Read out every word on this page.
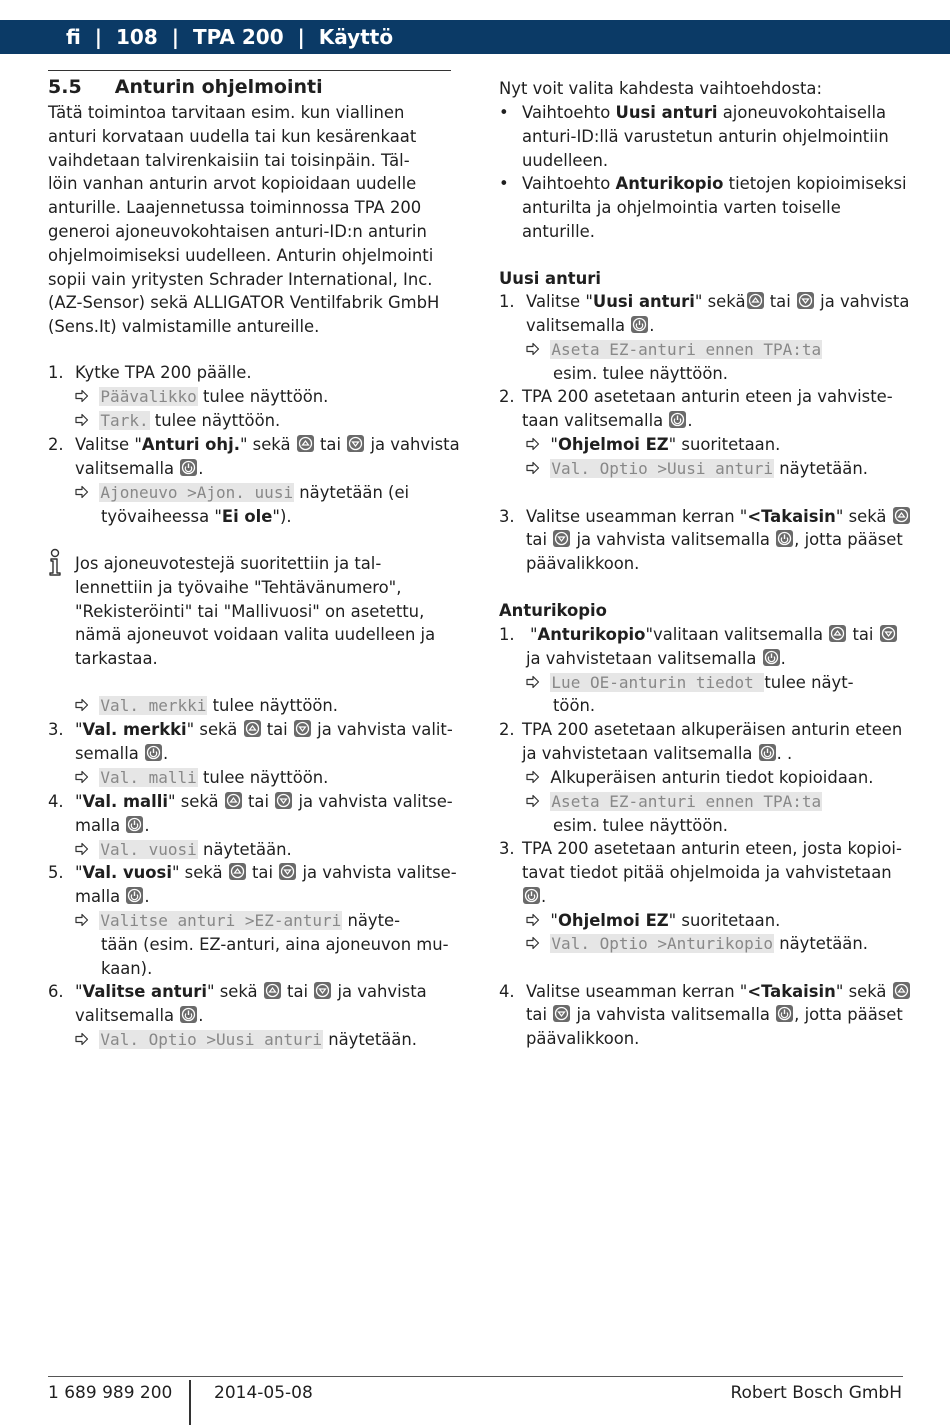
fi | 108 | TPA 200 | Käyttö
5.5 Anturin ohjelmointi
Tätä toimintoa tarvitaan esim. kun viallinen
anturi korvataan uudella tai kun kesärenkaat
vaihdetaan talvirenkaisiin tai toisinpäin. Täl-
löin vanhan anturin arvot kopioidaan uudelle
anturille. Laajennetussa toiminnossa TPA 200
generoi ajoneuvokohtaisen anturi-ID:n anturin
ohjelmoimiseksi uudelleen. Anturin ohjelmointi
sopii vain yritysten Schrader International, Inc.
(AZ-Sensor) sekä ALLIGATOR Ventilfabrik GmbH
(Sens.It) valmistamille antureille.
1. Kytke TPA 200 päälle.
Päävalikko tulee näyttöön.
Tark. tulee näyttöön.
2. Valitse "Anturi ohj." sekä
tai
ja vahvista
valitsemalla
.
Ajoneuvo >Ajon. uusi näytetään (ei
työvaiheessa "Ei ole").
Jos ajoneuvotestejä suoritettiin ja tal-
lennettiin ja työvaihe "Tehtävänumero",
"Rekisteröinti" tai "Mallivuosi" on asetettu,
nämä ajoneuvot voidaan valita uudelleen ja
tarkastaa.
Val. merkki tulee näyttöön.
3. "Val. merkki" sekä
tai
ja vahvista valit-
semalla
.
Val. malli tulee näyttöön.
4. "Val. malli" sekä
tai
ja vahvista valitse-
malla
.
Val. vuosi näytetään.
5. "Val. vuosi" sekä
tai
ja vahvista valitse-
malla
.
Valitse anturi >EZ-anturi näyte-
tään (esim. EZ-anturi, aina ajoneuvon mu-
kaan).
6. "Valitse anturi" sekä
tai
ja vahvista
valitsemalla
.
Val. Optio >Uusi anturi näytetään.
Nyt voit valita kahdesta vaihtoehdosta:
• Vaihtoehto Uusi anturi ajoneuvokohtaisella
anturi-ID:llä varustetun anturin ohjelmointiin
uudelleen.
• Vaihtoehto Anturikopio tietojen kopioimiseksi
anturilta ja ohjelmointia varten toiselle
anturille.
Uusi anturi
1. Valitse "Uusi anturi" sekä
tai
ja vahvista
valitsemalla
.
Aseta EZ-anturi ennen TPA:ta
esim. tulee näyttöön.
2. TPA 200 asetetaan anturin eteen ja vahviste-
taan valitsemalla
.
"Ohjelmoi EZ" suoritetaan.
Val. Optio >Uusi anturi näytetään.
3. Valitse useamman kerran "<Takaisin" sekä
tai
ja vahvista valitsemalla
, jotta pääset
päävalikkoon.
Anturikopio
1. "Anturikopio"valitaan valitsemalla
tai
ja vahvistetaan valitsemalla
.
Lue OE-anturin tiedot tulee näyt-
töön.
2. TPA 200 asetetaan alkuperäisen anturin eteen
ja vahvistetaan valitsemalla
. .
Alkuperäisen anturin tiedot kopioidaan.
Aseta EZ-anturi ennen TPA:ta
esim. tulee näyttöön.
3. TPA 200 asetetaan anturin eteen, josta kopioi-
tavat tiedot pitää ohjelmoida ja vahvistetaan
.
"Ohjelmoi EZ" suoritetaan.
Val. Optio >Anturikopio näytetään.
4. Valitse useamman kerran "<Takaisin" sekä
tai
ja vahvista valitsemalla
, jotta pääset
päävalikkoon.
1 689 989 200 2014-05-08	Robert Bosch GmbH
